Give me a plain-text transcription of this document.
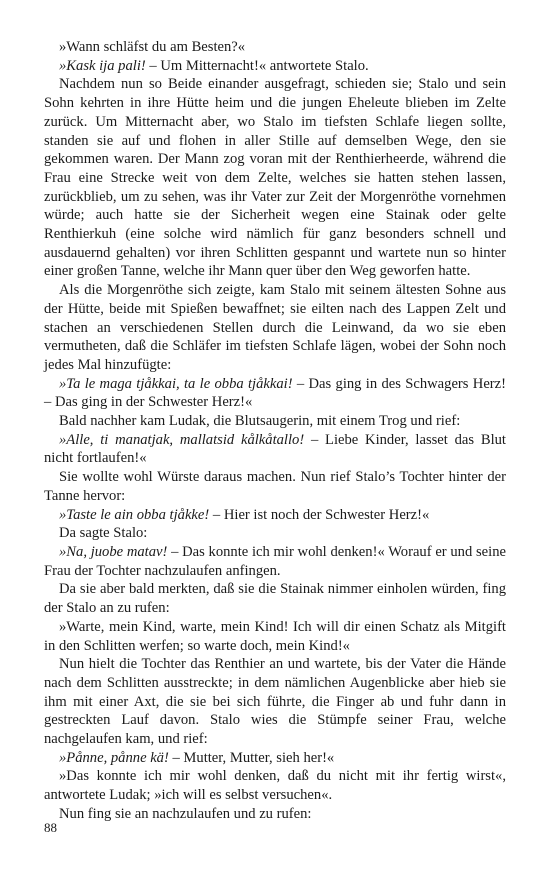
»Wann schläfst du am Besten?«

»Kask ija pali! – Um Mitternacht!« antwortete Stalo.

Nachdem nun so Beide einander ausgefragt, schieden sie; Stalo und sein Sohn kehrten in ihre Hütte heim und die jungen Eheleute blieben im Zelte zurück. Um Mitternacht aber, wo Stalo im tiefsten Schlafe liegen sollte, standen sie auf und flohen in aller Stille auf demselben Wege, den sie gekommen waren. Der Mann zog voran mit der Renthierheerde, während die Frau eine Strecke weit von dem Zelte, welches sie hatten stehen lassen, zurückblieb, um zu sehen, was ihr Vater zur Zeit der Morgenröthe vornehmen würde; auch hatte sie der Sicherheit wegen eine Stainak oder gelte Renthierkuh (eine solche wird nämlich für ganz besonders schnell und ausdauernd gehalten) vor ihren Schlitten gespannt und wartete nun so hinter einer großen Tanne, welche ihr Mann quer über den Weg geworfen hatte.

Als die Morgenröthe sich zeigte, kam Stalo mit seinem ältesten Sohne aus der Hütte, beide mit Spießen bewaffnet; sie eilten nach des Lappen Zelt und stachen an verschiedenen Stellen durch die Leinwand, da wo sie eben vermutheten, daß die Schläfer im tiefsten Schlafe lägen, wobei der Sohn noch jedes Mal hinzufügte:

»Ta le maga tjåkkai, ta le obba tjåkkai! – Das ging in des Schwagers Herz! – Das ging in der Schwester Herz!«

Bald nachher kam Ludak, die Blutsaugerin, mit einem Trog und rief:

»Alle, ti manatjak, mallatsid kålkåtallo! – Liebe Kinder, lasset das Blut nicht fortlaufen!«

Sie wollte wohl Würste daraus machen. Nun rief Stalo’s Tochter hinter der Tanne hervor:

»Taste le ain obba tjåkke! – Hier ist noch der Schwester Herz!«

Da sagte Stalo:

»Na, juobe matav! – Das konnte ich mir wohl denken!« Worauf er und seine Frau der Tochter nachzulaufen anfingen.

Da sie aber bald merkten, daß sie die Stainak nimmer einholen würden, fing der Stalo an zu rufen:

»Warte, mein Kind, warte, mein Kind! Ich will dir einen Schatz als Mitgift in den Schlitten werfen; so warte doch, mein Kind!«

Nun hielt die Tochter das Renthier an und wartete, bis der Vater die Hände nach dem Schlitten ausstreckte; in dem nämlichen Augenblicke aber hieb sie ihm mit einer Axt, die sie bei sich führte, die Finger ab und fuhr dann in gestreckten Lauf davon. Stalo wies die Stümpfe seiner Frau, welche nachgelaufen kam, und rief:

»Pånne, pånne kä! – Mutter, Mutter, sieh her!«

»Das konnte ich mir wohl denken, daß du nicht mit ihr fertig wirst«, antwortete Ludak; »ich will es selbst versuchen«.

Nun fing sie an nachzulaufen und zu rufen:

88
